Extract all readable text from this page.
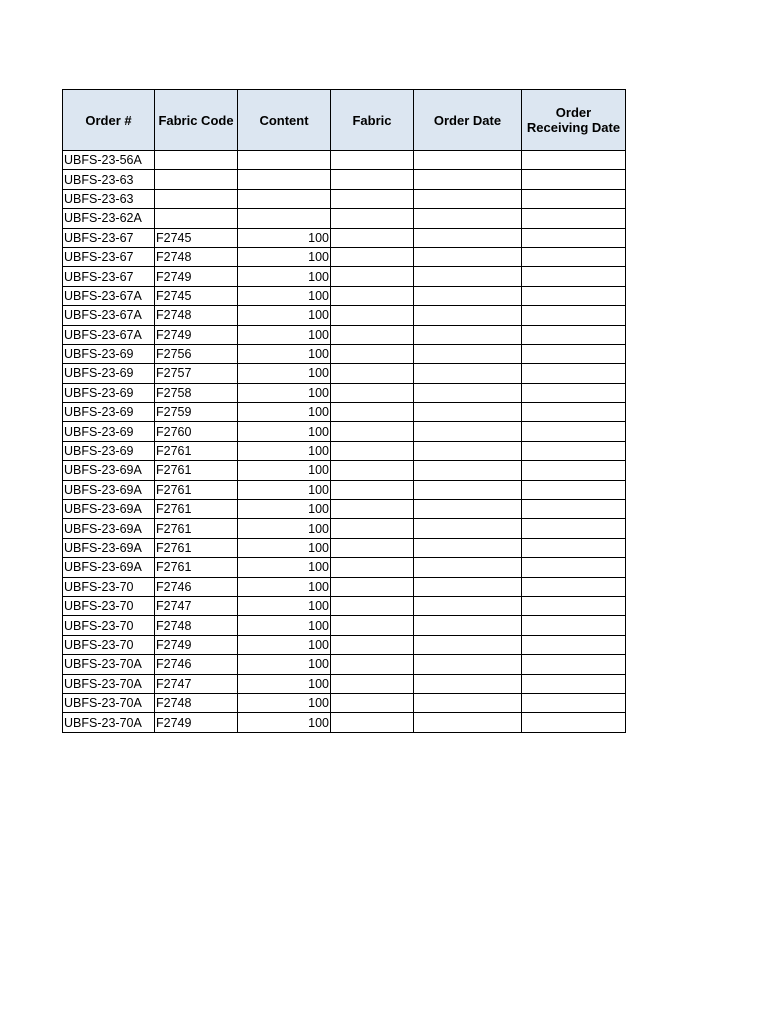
Order #	Fabric Code	Content	Fabric	Order Date	Order Receiving Date
UBFS-23-56A					
UBFS-23-63					
UBFS-23-63					
UBFS-23-62A					
UBFS-23-67	F2745	100			
UBFS-23-67	F2748	100			
UBFS-23-67	F2749	100			
UBFS-23-67A	F2745	100			
UBFS-23-67A	F2748	100			
UBFS-23-67A	F2749	100			
UBFS-23-69	F2756	100			
UBFS-23-69	F2757	100			
UBFS-23-69	F2758	100			
UBFS-23-69	F2759	100			
UBFS-23-69	F2760	100			
UBFS-23-69	F2761	100			
UBFS-23-69A	F2761	100			
UBFS-23-69A	F2761	100			
UBFS-23-69A	F2761	100			
UBFS-23-69A	F2761	100			
UBFS-23-69A	F2761	100			
UBFS-23-69A	F2761	100			
UBFS-23-70	F2746	100			
UBFS-23-70	F2747	100			
UBFS-23-70	F2748	100			
UBFS-23-70	F2749	100			
UBFS-23-70A	F2746	100			
UBFS-23-70A	F2747	100			
UBFS-23-70A	F2748	100			
UBFS-23-70A	F2749	100			
